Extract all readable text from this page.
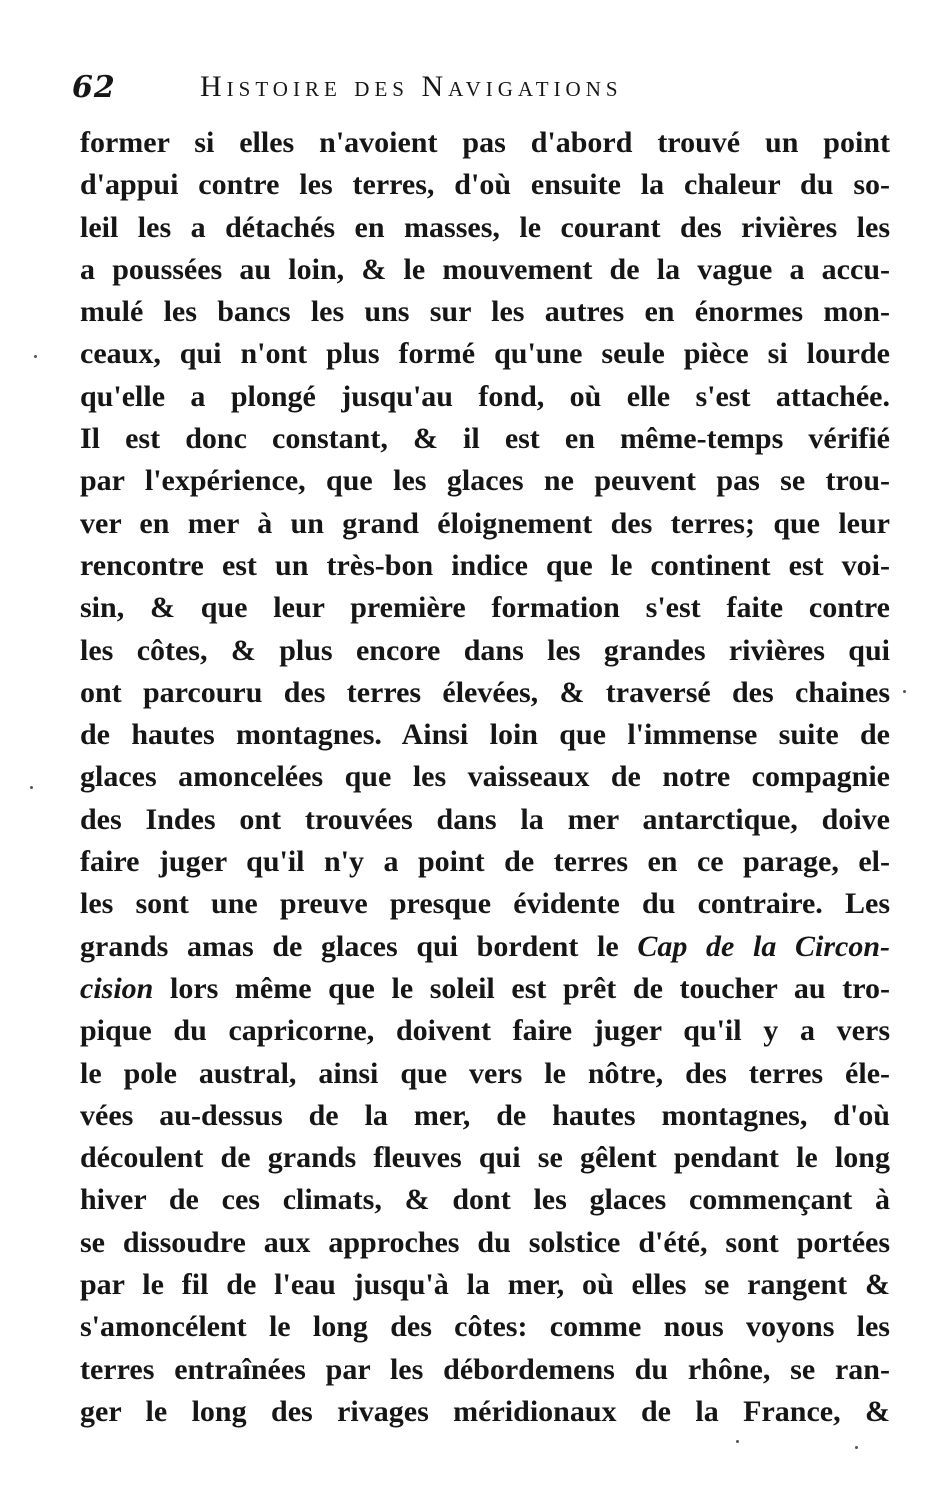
62	Histoire des Navigations
former si elles n'avoient pas d'abord trouvé un point
d'appui contre les terres, d'où ensuite la chaleur du so-
leil les a détachés en masses, le courant des rivières les
a poussées au loin, & le mouvement de la vague a accu-
mulé les bancs les uns sur les autres en énormes mon-
ceaux, qui n'ont plus formé qu'une seule pièce si lourde
qu'elle a plongé jusqu'au fond, où elle s'est attachée.
Il est donc constant, & il est en même-temps vérifié
par l'expérience, que les glaces ne peuvent pas se trou-
ver en mer à un grand éloignement des terres; que leur
rencontre est un très-bon indice que le continent est voi-
sin, & que leur première formation s'est faite contre
les côtes, & plus encore dans les grandes rivières qui
ont parcouru des terres élevées, & traversé des chaines
de hautes montagnes. Ainsi loin que l'immense suite de
glaces amoncelées que les vaisseaux de notre compagnie
des Indes ont trouvées dans la mer antarctique, doive
faire juger qu'il n'y a point de terres en ce parage, el-
les sont une preuve presque évidente du contraire. Les
grands amas de glaces qui bordent le Cap de la Circon-
cision lors même que le soleil est prêt de toucher au tro-
pique du capricorne, doivent faire juger qu'il y a vers
le pole austral, ainsi que vers le nôtre, des terres éle-
vées au-dessus de la mer, de hautes montagnes, d'où
découlent de grands fleuves qui se gêlent pendant le long
hiver de ces climats, & dont les glaces commençant à
se dissoudre aux approches du solstice d'été, sont portées
par le fil de l'eau jusqu'à la mer, où elles se rangent &
s'amoncélent le long des côtes: comme nous voyons les
terres entraînées par les débordemens du rhône, se ran-
ger le long des rivages méridionaux de la France, &
